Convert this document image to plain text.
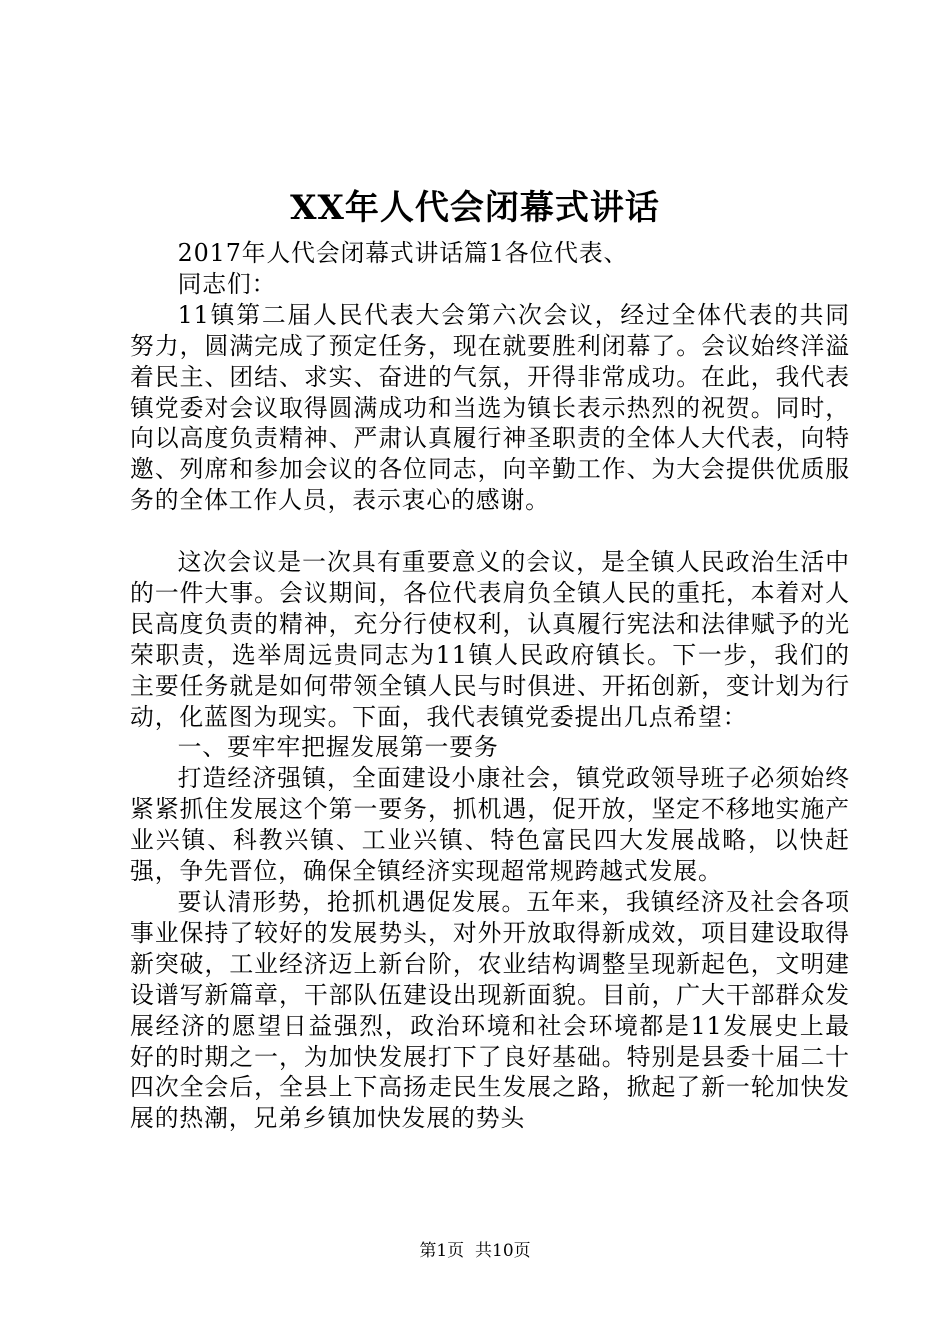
XX年人代会闭幕式讲话

2017年人代会闭幕式讲话篇1各位代表、

同志们：

11镇第二届人民代表大会第六次会议，经过全体代表的共同努力，圆满完成了预定任务，现在就要胜利闭幕了。会议始终洋溢着民主、团结、求实、奋进的气氛，开得非常成功。在此，我代表镇党委对会议取得圆满成功和当选为镇长表示热烈的祝贺。同时，向以高度负责精神、严肃认真履行神圣职责的全体人大代表，向特邀、列席和参加会议的各位同志，向辛勤工作、为大会提供优质服务的全体工作人员，表示衷心的感谢。

这次会议是一次具有重要意义的会议，是全镇人民政治生活中的一件大事。会议期间，各位代表肩负全镇人民的重托，本着对人民高度负责的精神，充分行使权利，认真履行宪法和法律赋予的光荣职责，选举周远贵同志为11镇人民政府镇长。下一步，我们的主要任务就是如何带领全镇人民与时俱进、开拓创新，变计划为行动，化蓝图为现实。下面，我代表镇党委提出几点希望：

一、要牢牢把握发展第一要务

打造经济强镇，全面建设小康社会，镇党政领导班子必须始终紧紧抓住发展这个第一要务，抓机遇，促开放，坚定不移地实施产业兴镇、科教兴镇、工业兴镇、特色富民四大发展战略，以快赶强，争先晋位，确保全镇经济实现超常规跨越式发展。

要认清形势，抢抓机遇促发展。五年来，我镇经济及社会各项事业保持了较好的发展势头，对外开放取得新成效，项目建设取得新突破，工业经济迈上新台阶，农业结构调整呈现新起色，文明建设谱写新篇章，干部队伍建设出现新面貌。目前，广大干部群众发展经济的愿望日益强烈，政治环境和社会环境都是11发展史上最好的时期之一，为加快发展打下了良好基础。特别是县委十届二十四次全会后，全县上下高扬走民生发展之路，掀起了新一轮加快发展的热潮，兄弟乡镇加快发展的势头

第1页 共10页
